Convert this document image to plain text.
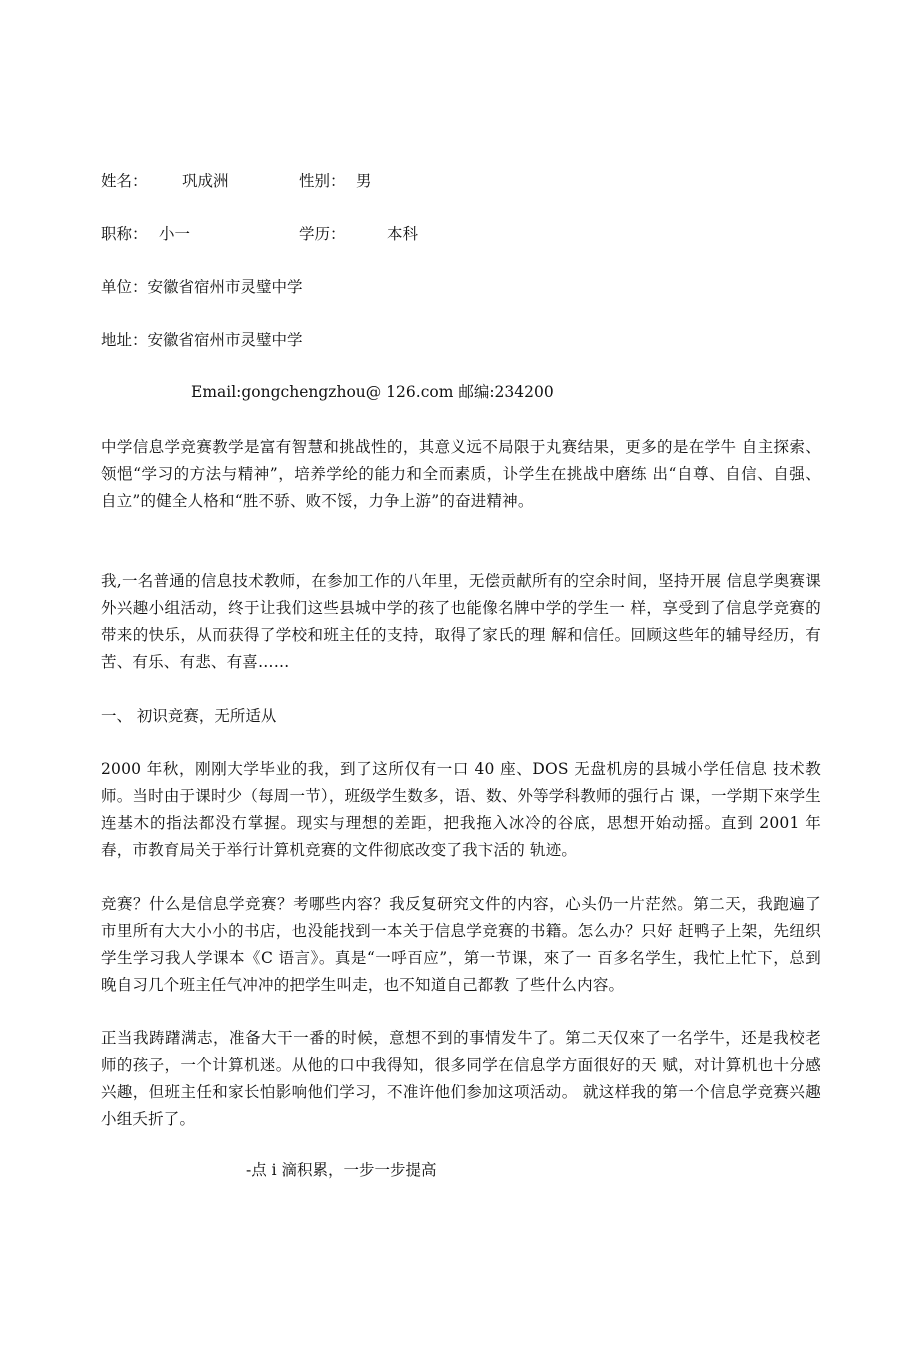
姓名： 巩成洲	性别： 男
职称： 小一	学历：	本科
单位：安徽省宿州市灵璧中学
地址：安徽省宿州市灵璧中学
Email:gongchengzhou@ 126.com 邮编:234200
中学信息学竞赛教学是富有智慧和挑战性的，其意义远不局限于丸赛结果，更多的是在学牛 自主探索、领悒“学习的方法与精神”，培养学纶的能力和全而素质，讣学生在挑战中磨练 出“自尊、自信、自强、自立”的健全人格和“胜不骄、败不馁，力争上游”的奋进精神。
我,一名普通的信息技术教师，在参加工作的八年里，无偿贡献所有的空余时间，坚持开展 信息学奥赛课外兴趣小组活动，终于让我们这些县城中学的孩了也能像名牌中学的学生一 样，享受到了信息学竞赛的带来的快乐，从而获得了学校和班主任的支持，取得了家氏的理 解和信任。回顾这些年的辅导经历，有苦、有乐、有悲、有喜……
一、 初识竞赛，无所适从
2000 年秋，刚刚大学毕业的我，到了这所仅有一口 40 座、DOS 无盘机房的县城小学任信息 技术教师。当时由于课时少（每周一节），班级学生数多，语、数、外等学科教师的强行占 课，一学期下來学生连基木的指法都没冇掌握。现实与理想的差距，把我拖入冰冷的谷底，思想开始动摇。直到 2001 年春，市教育局关于举行计算机竞赛的文件彻底改变了我卞活的 轨迹。
竞赛？什么是信息学竞赛？考哪些内容？我反复研究文件的内容，心头仍一片茫然。第二天，我跑遍了市里所有大大小小的书店，也没能找到一本关于信息学竞赛的书籍。怎么办？只好 赶鸭子上架，先纽织学生学习我人学课本《C 语言》。真是“一呼百应”，第一节课，來了一 百多名学生，我忙上忙下，总到晚自习几个班主任气冲冲的把学生叫走，也不知道自己都教 了些什么内容。
正当我踌躇满志，准备大干一番的时候，意想不到的事情发牛了。第二天仅來了一名学牛，还是我校老师的孩子，一个计算机迷。从他的口中我得知，很多同学在信息学方面很好的天 赋，对计算机也十分感兴趣，但班主任和家长怕影响他们学习，不准许他们参加这项活动。 就这样我的第一个信息学竞赛兴趣小组夭折了。
-点 i 滴积累，一步一步提高
